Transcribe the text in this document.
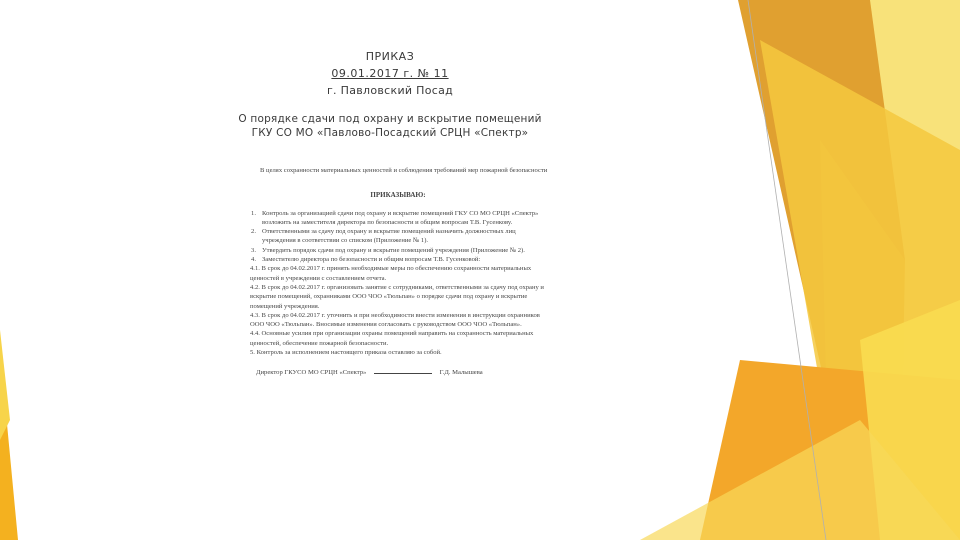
ПРИКАЗ
09.01.2017 г. № 11
г. Павловский Посад
О порядке сдачи под охрану и вскрытие помещений
ГКУ СО МО «Павлово-Посадский СРЦН «Спектр»
В целях сохранности материальных ценностей и соблюдения требований мер пожарной безопасности
ПРИКАЗЫВАЮ:
1. Контроль за организацией сдачи под охрану и вскрытие помещений ГКУ СО МО СРЦН «Спектр» возложить на заместителя директора по безопасности и общим вопросам Т.В. Гусенкову.
2. Ответственными за сдачу под охрану и вскрытие помещений назначить должностных лиц учреждения в соответствии со списком (Приложение № 1).
3. Утвердить порядок сдачи под охрану и вскрытие помещений учреждения (Приложение № 2).
4. Заместителю директора по безопасности и общим вопросам Т.В. Гусенковой:
4.1. В срок до 04.02.2017 г. принять необходимые меры по обеспечению сохранности материальных ценностей в учреждении с составлением отчета.
4.2. В срок до 04.02.2017 г. организовать занятие с сотрудниками, ответственными за сдачу под охрану и вскрытие помещений, охранниками ООО ЧОО «Тюльпан» о порядке сдачи под охрану и вскрытие помещений учреждения.
4.3. В срок до 04.02.2017 г. уточнить и при необходимости внести изменения в инструкции охранников ООО ЧОО «Тюльпан». Вносимые изменения согласовать с руководством ООО ЧОО «Тюльпан».
4.4. Основные усилия при организации охраны помещений направить на сохранность материальных ценностей, обеспечение пожарной безопасности.
5. Контроль за исполнением настоящего приказа оставляю за собой.
Директор ГКУСО МО СРЦН «Спектр»	Г.Д. Малышева
